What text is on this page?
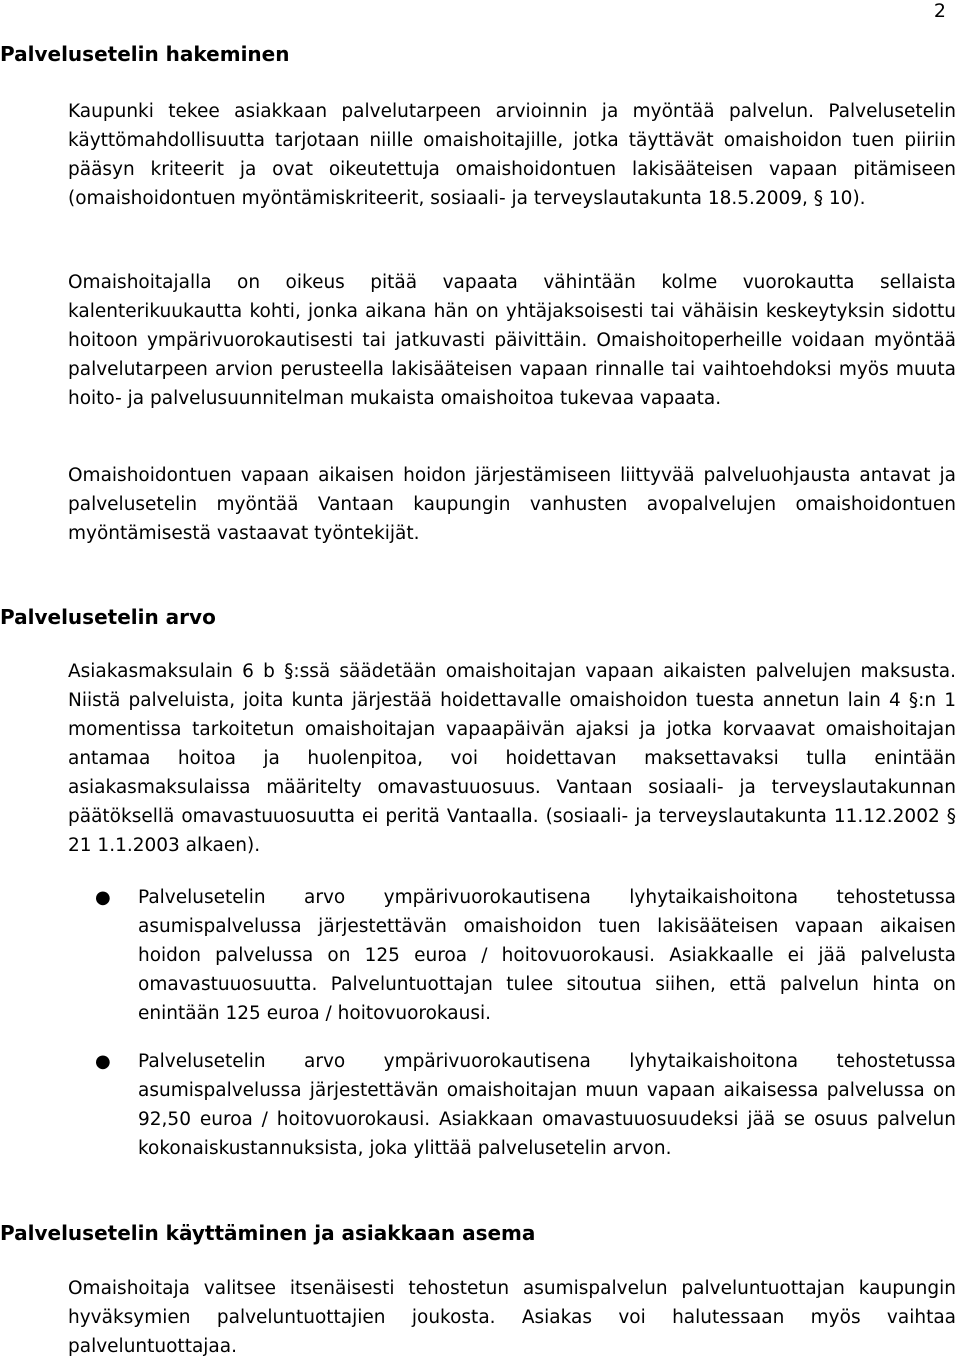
2
Palvelusetelin hakeminen

Kaupunki tekee asiakkaan palvelutarpeen arvioinnin ja myöntää palvelun. Palvelusetelin käyttömahdollisuutta tarjotaan niille omaishoitajille, jotka täyttävät omaishoidon tuen piiriin pääsyn kriteerit ja ovat oikeutettuja omaishoidontuen lakisääteisen vapaan pitämiseen (omaishoidontuen myöntämiskriteerit, sosiaali- ja terveyslautakunta 18.5.2009, § 10).

Omaishoitajalla on oikeus pitää vapaata vähintään kolme vuorokautta sellaista kalenterikuukautta kohti, jonka aikana hän on yhtäjaksoisesti tai vähäisin keskeytyksin sidottu hoitoon ympärivuorokautisesti tai jatkuvasti päivittäin. Omaishoitoperheille voidaan myöntää palvelutarpeen arvion perusteella lakisääteisen vapaan rinnalle tai vaihtoehdoksi myös muuta hoito- ja palvelusuunnitelman mukaista omaishoitoa tukevaa vapaata.

Omaishoidontuen vapaan aikaisen hoidon järjestämiseen liittyvää palveluohjausta antavat ja palvelusetelin myöntää Vantaan kaupungin vanhusten avopalvelujen omaishoidontuen myöntämisestä vastaavat työntekijät.

Palvelusetelin arvo

Asiakasmaksulain 6 b §:ssä säädetään omaishoitajan vapaan aikaisten palvelujen maksusta. Niistä palveluista, joita kunta järjestää hoidettavalle omaishoidon tuesta annetun lain 4 §:n 1 momentissa tarkoitetun omaishoitajan vapaapäivän ajaksi ja jotka korvaavat omaishoitajan antamaa hoitoa ja huolenpitoa, voi hoidettavan maksettavaksi tulla enintään asiakasmaksulaissa määritelty omavastuuosuus. Vantaan sosiaali- ja terveyslautakunnan päätöksellä omavastuuosuutta ei peritä Vantaalla. (sosiaali- ja terveyslautakunta 11.12.2002 § 21 1.1.2003 alkaen).

● Palvelusetelin arvo ympärivuorokautisena lyhytaikaishoitona tehostetussa asumispalvelussa järjestettävän omaishoidon tuen lakisääteisen vapaan aikaisen hoidon palvelussa on 125 euroa / hoitovuorokausi. Asiakkaalle ei jää palvelusta omavastuuosuutta. Palveluntuottajan tulee sitoutua siihen, että palvelun hinta on enintään 125 euroa / hoitovuorokausi.

● Palvelusetelin arvo ympärivuorokautisena lyhytaikaishoitona tehostetussa asumispalvelussa järjestettävän omaishoitajan muun vapaan aikaisessa palvelussa on 92,50 euroa / hoitovuorokausi. Asiakkaan omavastuuosuudeksi jää se osuus palvelun kokonaiskustannuksista, joka ylittää palvelusetelin arvon.

Palvelusetelin käyttäminen ja asiakkaan asema

Omaishoitaja valitsee itsenäisesti tehostetun asumispalvelun palveluntuottajan kaupungin hyväksymien palveluntuottajien joukosta. Asiakas voi halutessaan myös vaihtaa palveluntuottajaa.
